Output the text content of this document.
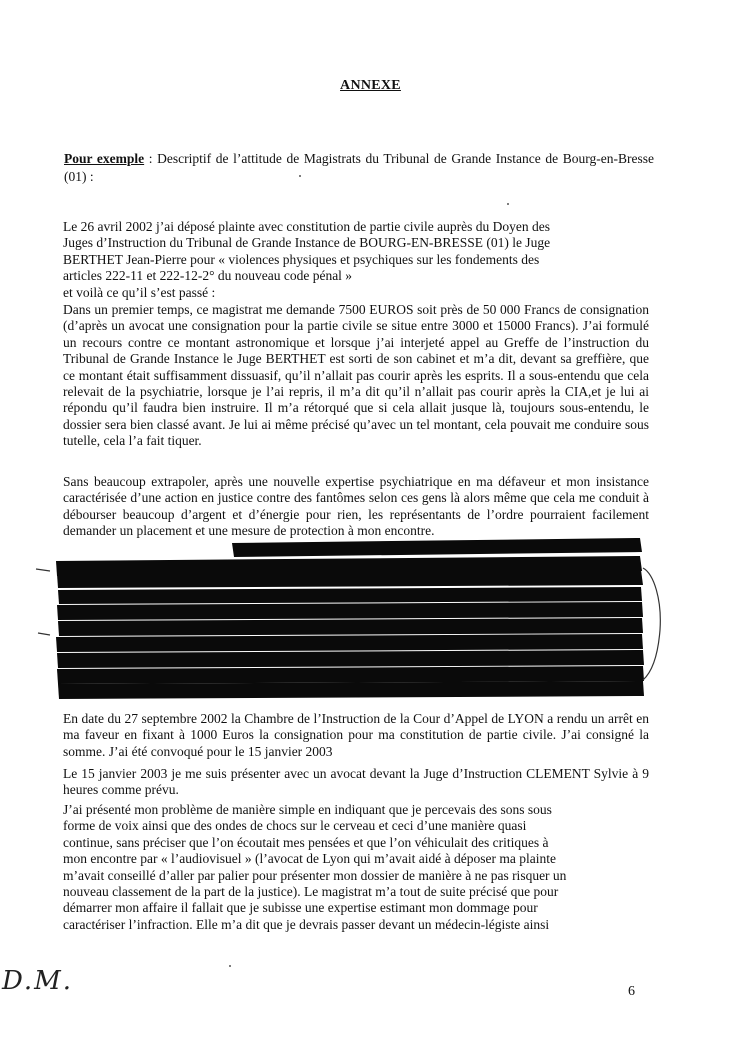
ANNEXE
Pour exemple : Descriptif de l’attitude de Magistrats du Tribunal de Grande Instance de Bourg-en-Bresse (01) :

Le 26 avril 2002 j’ai déposé plainte avec constitution de partie civile auprès du Doyen des

Juges d’Instruction du Tribunal de Grande Instance de BOURG-EN-BRESSE (01) le Juge

BERTHET Jean-Pierre pour « violences physiques et psychiques sur les fondements des

articles 222-11 et 222-12-2° du nouveau code pénal »

et voilà ce qu’il s’est passé :

Dans un premier temps, ce magistrat me demande 7500 EUROS soit près de 50 000 Francs de consignation (d’après un avocat une consignation pour la partie civile se situe entre 3000 et 15000 Francs). J’ai formulé un recours contre ce montant astronomique et lorsque j’ai interjeté appel au Greffe de l’instruction du Tribunal de Grande Instance le Juge BERTHET est sorti de son cabinet et m’a dit, devant sa greffière, que ce montant était suffisamment dissuasif, qu’il n’allait pas courir après les esprits. Il a sous-entendu que cela relevait de la psychiatrie, lorsque je l’ai repris, il m’a dit qu’il n’allait pas courir après la CIA,et je lui ai répondu qu’il faudra bien instruire. Il m’a rétorqué que si cela allait jusque là, toujours sous-entendu, le dossier sera bien classé avant. Je lui ai même précisé qu’avec un tel montant, cela pouvait me conduire sous tutelle, cela l’a fait tiquer.

Sans beaucoup extrapoler, après une nouvelle expertise psychiatrique en ma défaveur et mon insistance caractérisée d’une action en justice contre des fantômes selon ces gens là alors même que cela me conduit à débourser beaucoup d’argent et d’énergie pour rien, les représentants de l’ordre pourraient facilement demander un placement et une mesure de protection à mon encontre.

En date du 27 septembre 2002 la Chambre de l’Instruction de la Cour d’Appel de LYON a rendu un arrêt en ma faveur en fixant à 1000 Euros la consignation pour ma constitution de partie civile. J’ai consigné la somme. J’ai été convoqué pour le 15 janvier 2003

Le 15 janvier 2003 je me suis présenter avec un avocat devant la Juge d’Instruction CLEMENT Sylvie à 9 heures comme prévu.

J’ai présenté mon problème de manière simple en indiquant que je percevais des sons sous

forme de voix ainsi que des ondes de chocs sur le cerveau et ceci d’une manière quasi

continue, sans préciser que l’on écoutait mes pensées et que l’on véhiculait des critiques à

mon encontre par « l’audiovisuel » (l’avocat de Lyon qui m’avait aidé à déposer ma plainte

m’avait conseillé d’aller par palier pour présenter mon dossier de manière à ne pas risquer un

nouveau classement de la part de la justice). Le magistrat m’a tout de suite précisé que pour

démarrer mon affaire il fallait que je subisse une expertise estimant mon dommage pour

caractériser l’infraction. Elle m’a dit que je devrais passer devant un médecin-légiste ainsi

D.M.	6
